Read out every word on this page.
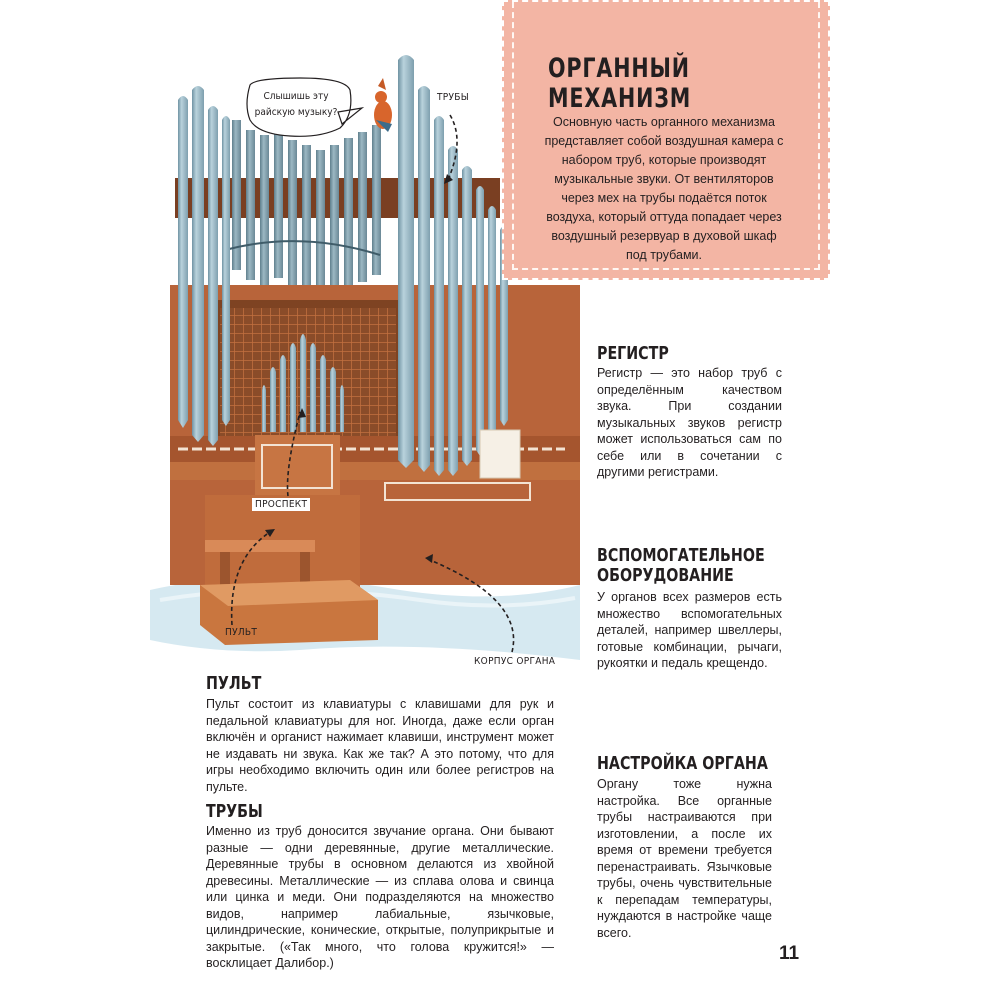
Слышишь эту райскую музыку?
ТРУБЫ
ПРОСПЕКТ
ПУЛЬТ
КОРПУС ОРГАНА
ОРГАННЫЙ МЕХАНИЗМ

Основную часть органного механизма представляет собой воздушная камера с набором труб, которые производят музыкальные звуки. От вентиляторов через мех на трубы подаётся поток воздуха, который оттуда попадает через воздушный резервуар в духовой шкаф под трубами.

РЕГИСТР

Регистр — это набор труб с определённым качеством звука. При создании музыкальных звуков регистр может использоваться сам по себе или в сочетании с другими регистрами.

ВСПОМОГАТЕЛЬНОЕ
ОБОРУДОВАНИЕ

У органов всех размеров есть множество вспомогательных деталей, например швеллеры, готовые комбинации, рычаги, рукоятки и педаль крещендо.

НАСТРОЙКА ОРГАНА

Органу тоже нужна настройка. Все органные трубы настраиваются при изготовлении, а после их время от времени требуется перенастраивать. Язычковые трубы, очень чувствительные к перепадам температуры, нуждаются в настройке чаще всего.

ПУЛЬТ

Пульт состоит из клавиатуры с клавишами для рук и педальной клавиатуры для ног. Иногда, даже если орган включён и органист нажимает клавиши, инструмент может не издавать ни звука. Как же так? А это потому, что для игры необходимо включить один или более регистров на пульте.

ТРУБЫ

Именно из труб доносится звучание органа. Они бывают разные — одни деревянные, другие металлические. Деревянные трубы в основном делаются из хвойной древесины. Металлические — из сплава олова и свинца или цинка и меди. Они подразделяются на множество видов, например лабиальные, язычковые, цилиндрические, конические, открытые, полуприкрытые и закрытые. («Так много, что голова кружится!» — восклицает Далибор.)	11
